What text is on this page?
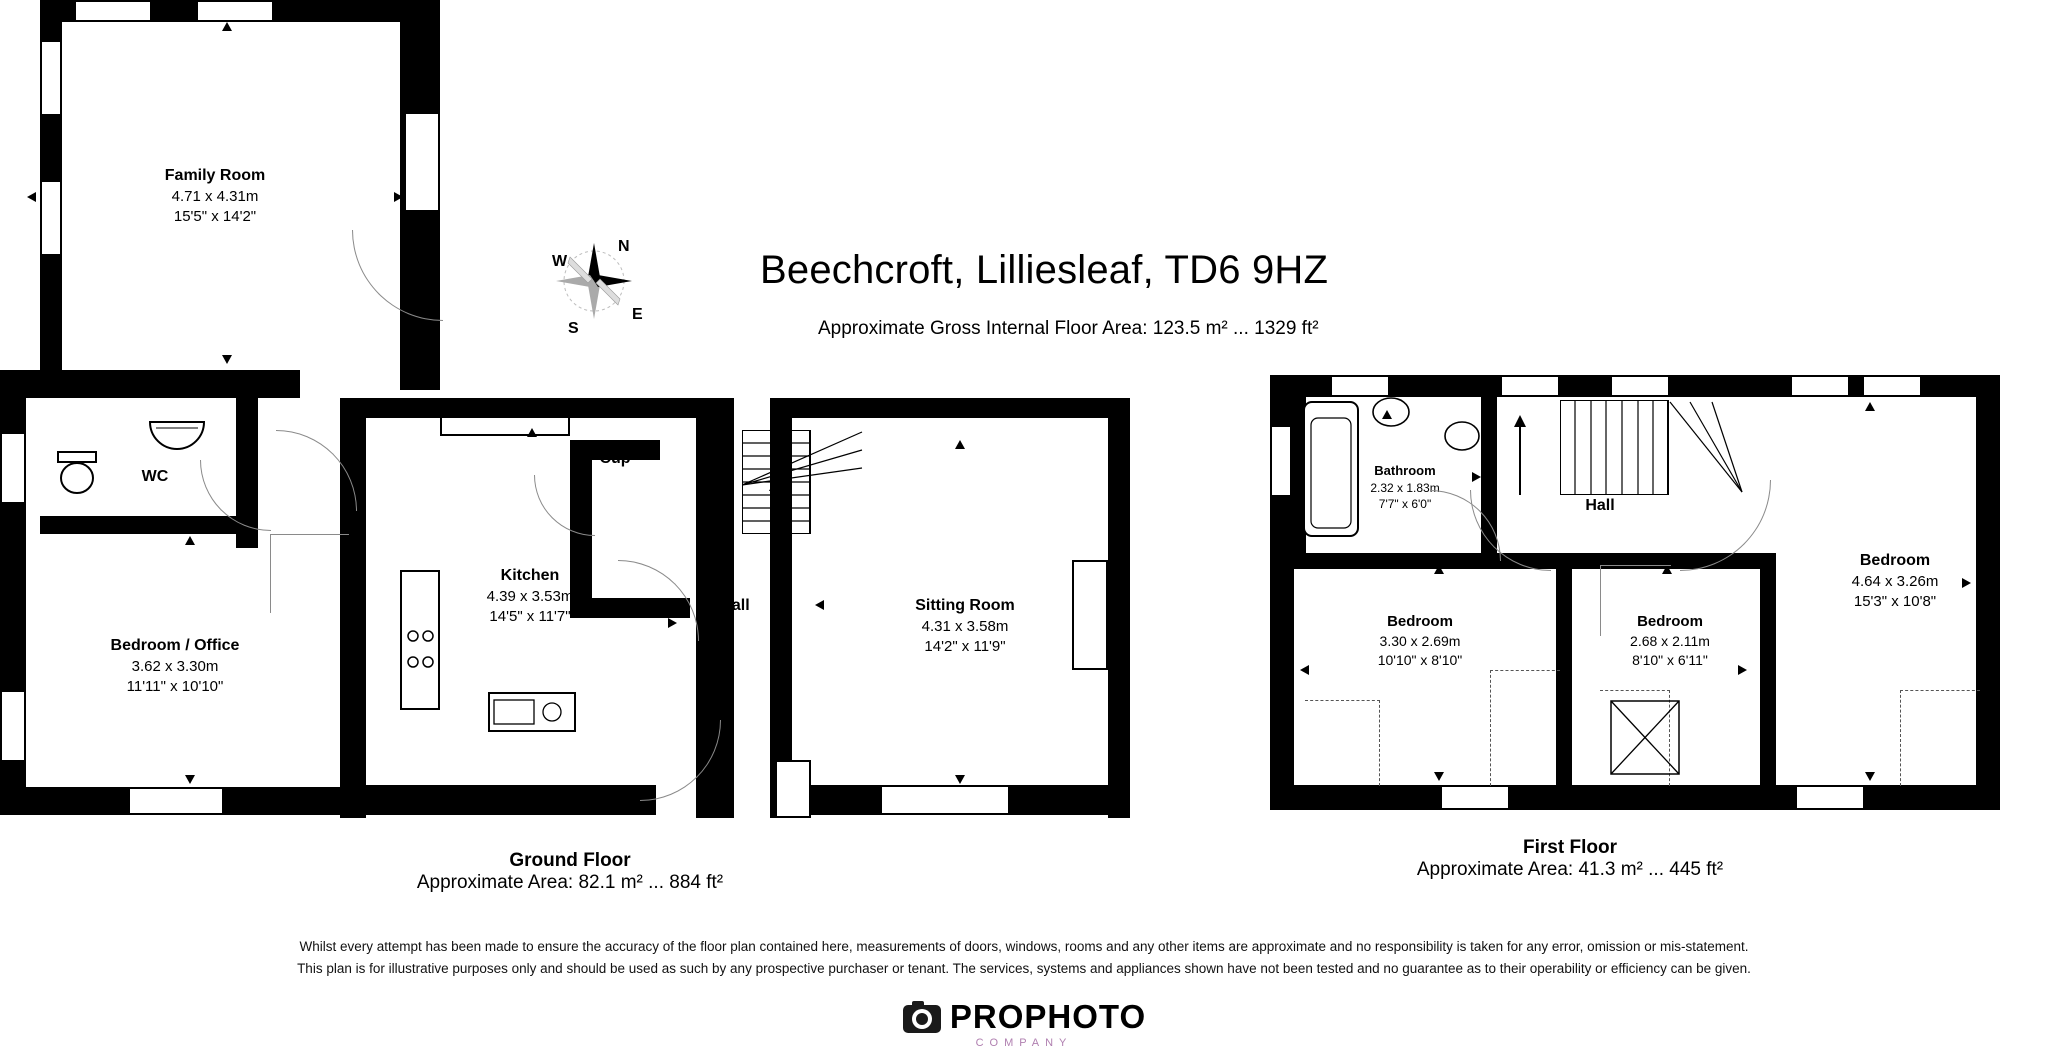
Family Room
4.71 x 4.31m
15'5" x 14'2"
WC
Bedroom / Office
3.62 x 3.30m
11'11" x 10'10"
Cup	cup
Kitchen
4.39 x 3.53m
14'5" x 11'7"
Hall	Sitting Room
4.31 x 3.58m
14'2" x 11'9"
Bathroom
2.32 x 1.83m
7'7" x 6'0"	Hall
Bedroom
4.64 x 3.26m
15'3" x 10'8"
Bedroom
3.30 x 2.69m
10'10" x 8'10"
Bedroom
2.68 x 2.11m
8'10" x 6'11"
Beechcroft, Lilliesleaf, TD6 9HZ
Approximate Gross Internal Floor Area: 123.5 m² ... 1329 ft²
N
E
S
W
Ground Floor
Approximate Area: 82.1 m² ... 884 ft²
First Floor
Approximate Area: 41.3 m² ... 445 ft²
Whilst every attempt has been made to ensure the accuracy of the floor plan contained here, measurements of doors, windows, rooms and any other items are approximate and no responsibility is taken for any error, omission or mis-statement.
This plan is for illustrative purposes only and should be used as such by any prospective purchaser or tenant. The services, systems and appliances shown have not been tested and no guarantee as to their operability or efficiency can be given.
PROPHOTO
COMPANY
